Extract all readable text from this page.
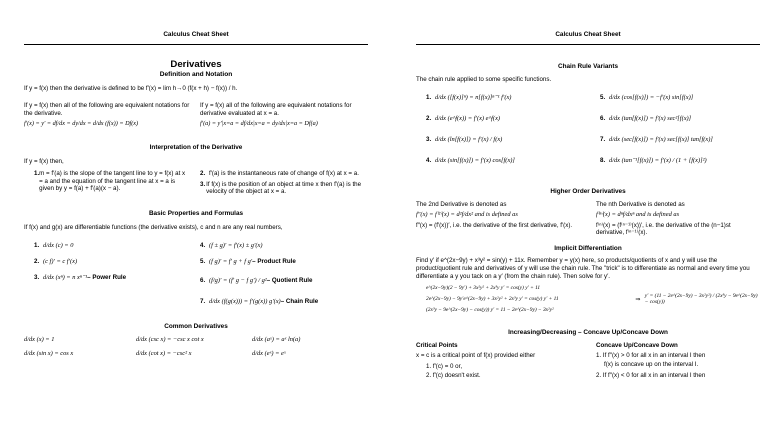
Calculus Cheat Sheet
Derivatives
Definition and Notation
If y = f(x) then the derivative is defined to be f′(x) = lim h→0 (f(x + h) − f(x)) / h.
If y = f(x) then all of the following are equivalent notations for the derivative.
f′(x) = y′ = df/dx = dy/dx = d/dx (f(x)) = Df(x)
If y = f(x) all of the following are equivalent notations for derivative evaluated at x = a.
f′(a) = y′|x=a = df/dx|x=a = dy/dx|x=a = Df(a)
Interpretation of the Derivative
If y = f(x) then,
1. m = f′(a) is the slope of the tangent line to y = f(x) at x = a and the equation of the tangent line at x = a is given by y = f(a) + f′(a)(x − a).
2. f′(a) is the instantaneous rate of change of f(x) at x = a.
3. If f(x) is the position of an object at time x then f′(a) is the velocity of the object at x = a.
Basic Properties and Formulas
If f(x) and g(x) are differentiable functions (the derivative exists), c and n are any real numbers,
1. d/dx (c) = 0
2. (c f)′ = c f′(x)
3. d/dx (xⁿ) = n xⁿ⁻¹ – Power Rule
4. (f ± g)′ = f′(x) ± g′(x)
5. (f g)′ = f′ g + f g′ – Product Rule
6. (f/g)′ = (f′ g − f g′) / g² – Quotient Rule
7. d/dx (f(g(x))) = f′(g(x)) g′(x) – Chain Rule
Common Derivatives
d/dx (x) = 1	d/dx (csc x) = −csc x cot x	d/dx (aˣ) = aˣ ln(a)
d/dx (sin x) = cos x	d/dx (cot x) = −csc² x	d/dx (eˣ) = eˣ
Calculus Cheat Sheet
Chain Rule Variants
The chain rule applied to some specific functions.
1. d/dx ([f(x)]ⁿ) = n[f(x)]ⁿ⁻¹ f′(x)	5. d/dx (cos[f(x)]) = −f′(x) sin[f(x)]
2. d/dx (e^f(x)) = f′(x) e^f(x)	6. d/dx (tan[f(x)]) = f′(x) sec²[f(x)]
3. d/dx (ln[f(x)]) = f′(x) / f(x)	7. d/dx (sec[f(x)]) = f′(x) sec[f(x)] tan[f(x)]
4. d/dx (sin[f(x)]) = f′(x) cos[f(x)]	8. d/dx (tan⁻¹[f(x)]) = f′(x) / (1 + [f(x)]²)
Higher Order Derivatives
The 2nd Derivative is denoted as
f″(x) = f⁽²⁾(x) = d²f/dx² and is defined as
f″(x) = (f′(x))′, i.e. the derivative of the first derivative, f′(x).
The nth Derivative is denoted as
f⁽ⁿ⁾(x) = dⁿf/dxⁿ and is defined as
f⁽ⁿ⁾(x) = (f⁽ⁿ⁻¹⁾(x))′, i.e. the derivative of the (n−1)st derivative, f⁽ⁿ⁻¹⁾(x).
Implicit Differentiation
Find y′ if e^(2x−9y) + x³y² = sin(y) + 11x. Remember y = y(x) here, so products/quotients of x and y will use the product/quotient rule and derivatives of y will use the chain rule. The "trick" is to differentiate as normal and every time you differentiate a y you tack on a y′ (from the chain rule). Then solve for y′.
e^(2x−9y)(2 − 9y′) + 3x²y² + 2x³y y′ = cos(y) y′ + 11
2e^(2x−9y) − 9y′e^(2x−9y) + 3x²y² + 2x³y y′ = cos(y) y′ + 11
(2x³y − 9e^(2x−9y) − cos(y)) y′ = 11 − 2e^(2x−9y) − 3x²y²
⇒ y′ = (11 − 2e^(2x−9y) − 3x²y²) / (2x³y − 9e^(2x−9y) − cos(y))
Increasing/Decreasing – Concave Up/Concave Down
Critical Points
x = c is a critical point of f(x) provided either
1. f′(c) = 0 or,
2. f′(c) doesn't exist.
Concave Up/Concave Down
1. If f″(x) > 0 for all x in an interval I then
f(x) is concave up on the interval I.
2. If f″(x) < 0 for all x in an interval I then
